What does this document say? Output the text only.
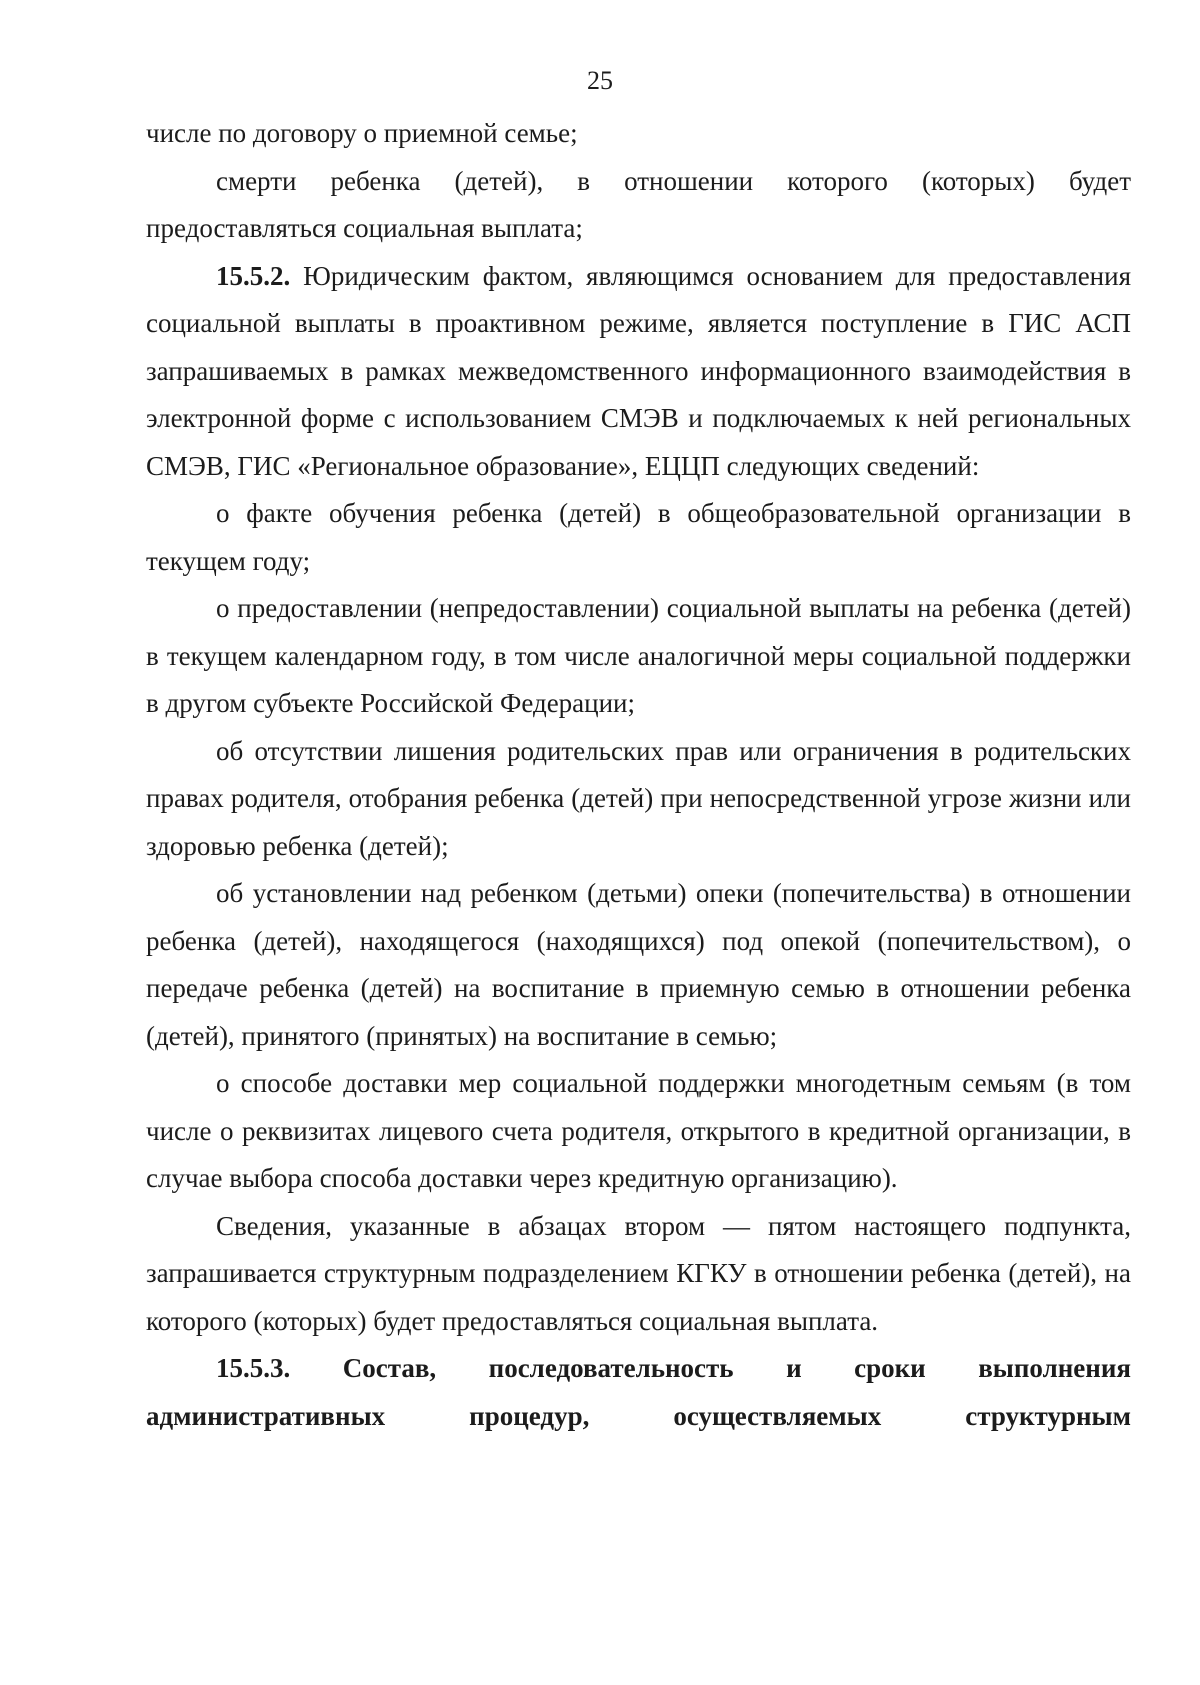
25

числе по договору о приемной семье;

смерти ребенка (детей), в отношении которого (которых) будет предоставляться социальная выплата;

15.5.2. Юридическим фактом, являющимся основанием для предоставления социальной выплаты в проактивном режиме, является поступление в ГИС АСП запрашиваемых в рамках межведомственного информационного взаимодействия в электронной форме с использованием СМЭВ и подключаемых к ней региональных СМЭВ, ГИС «Региональное образование», ЕЦЦП следующих сведений:

о факте обучения ребенка (детей) в общеобразовательной организации в текущем году;

о предоставлении (непредоставлении) социальной выплаты на ребенка (детей) в текущем календарном году, в том числе аналогичной меры социальной поддержки в другом субъекте Российской Федерации;

об отсутствии лишения родительских прав или ограничения в родительских правах родителя, отобрания ребенка (детей) при непосредственной угрозе жизни или здоровью ребенка (детей);

об установлении над ребенком (детьми) опеки (попечительства) в отношении ребенка (детей), находящегося (находящихся) под опекой (попечительством), о передаче ребенка (детей) на воспитание в приемную семью в отношении ребенка (детей), принятого (принятых) на воспитание в семью;

о способе доставки мер социальной поддержки многодетным семьям (в том числе о реквизитах лицевого счета родителя, открытого в кредитной организации, в случае выбора способа доставки через кредитную организацию).

Сведения, указанные в абзацах втором — пятом настоящего подпункта, запрашивается структурным подразделением КГКУ в отношении ребенка (детей), на которого (которых) будет предоставляться социальная выплата.

15.5.3. Состав, последовательность и сроки выполнения административных процедур, осуществляемых структурным
